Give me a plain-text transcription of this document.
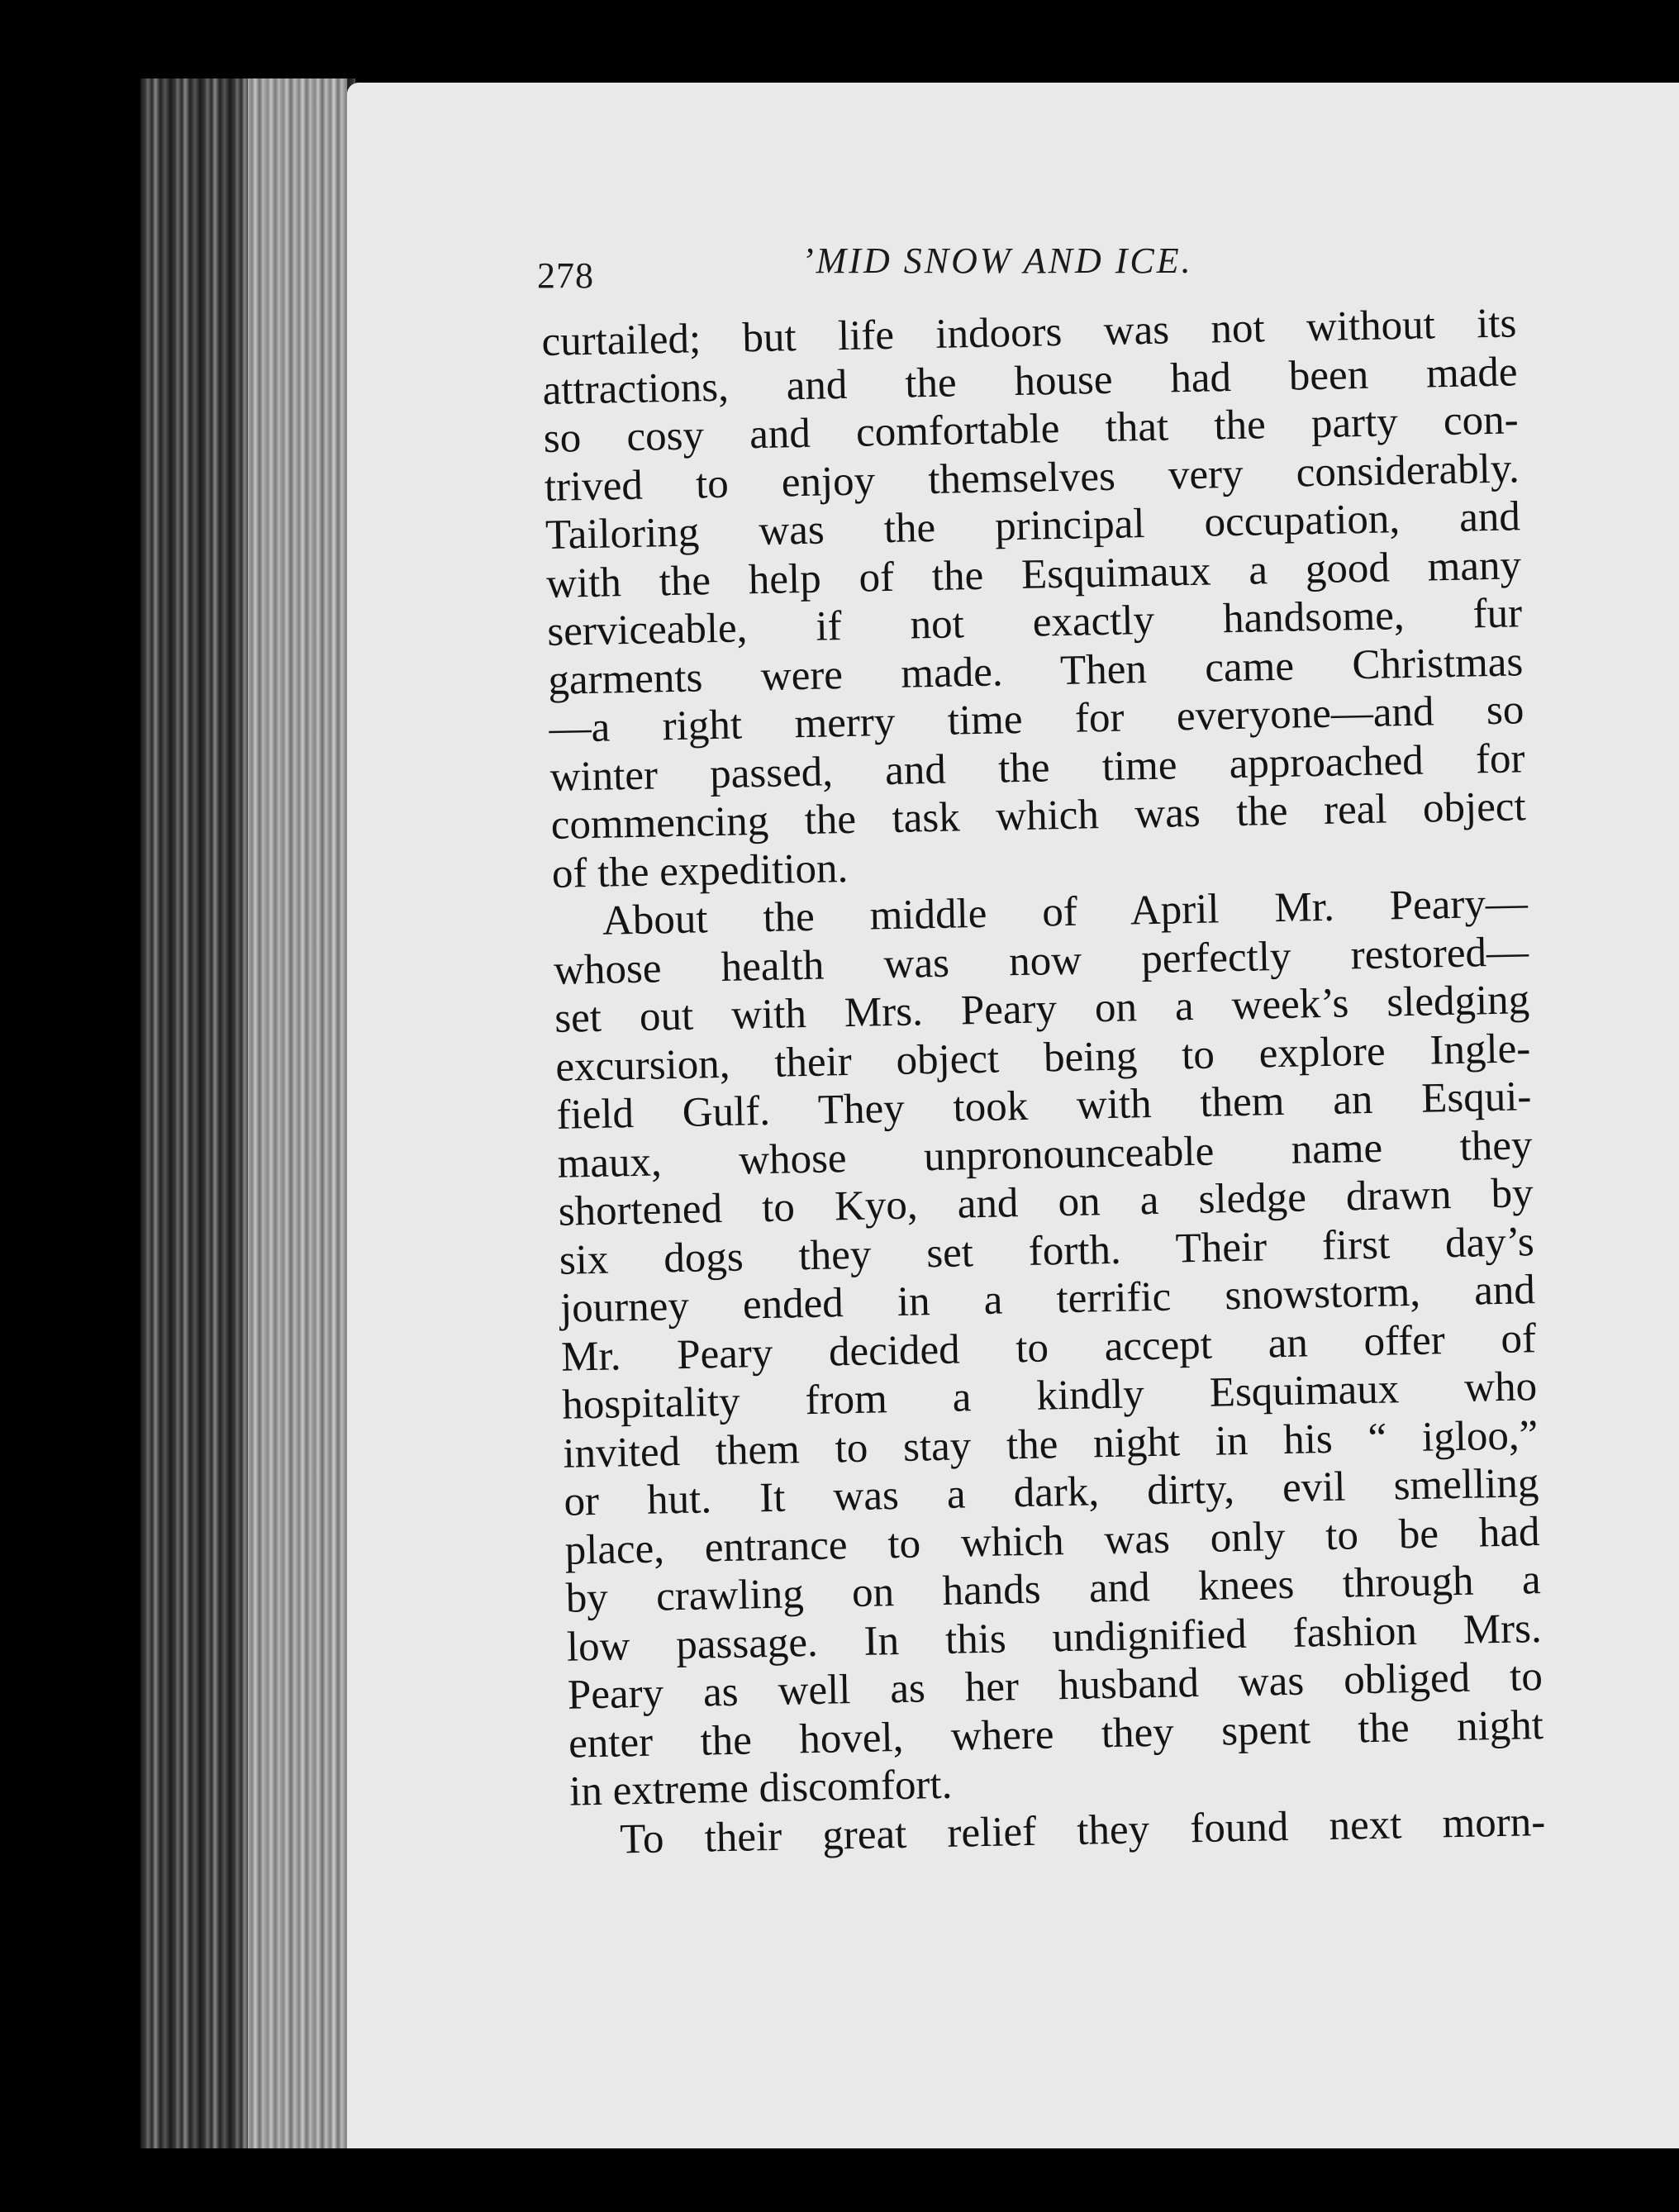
278	’MID SNOW AND ICE.
curtailed; but life indoors was not without its
attractions, and the house had been made
so cosy and comfortable that the party con-
trived to enjoy themselves very considerably.
Tailoring was the principal occupation, and
with the help of the Esquimaux a good many
serviceable, if not exactly handsome, fur
garments were made. Then came Christmas
—a right merry time for everyone—and so
winter passed, and the time approached for
commencing the task which was the real object
of the expedition.
About the middle of April Mr. Peary—
whose health was now perfectly restored—
set out with Mrs. Peary on a week’s sledging
excursion, their object being to explore Ingle-
field Gulf. They took with them an Esqui-
maux, whose unpronounceable name they
shortened to Kyo, and on a sledge drawn by
six dogs they set forth. Their first day’s
journey ended in a terrific snowstorm, and
Mr. Peary decided to accept an offer of
hospitality from a kindly Esquimaux who
invited them to stay the night in his “ igloo,”
or hut. It was a dark, dirty, evil smelling
place, entrance to which was only to be had
by crawling on hands and knees through a
low passage. In this undignified fashion Mrs.
Peary as well as her husband was obliged to
enter the hovel, where they spent the night
in extreme discomfort.
To their great relief they found next morn-
